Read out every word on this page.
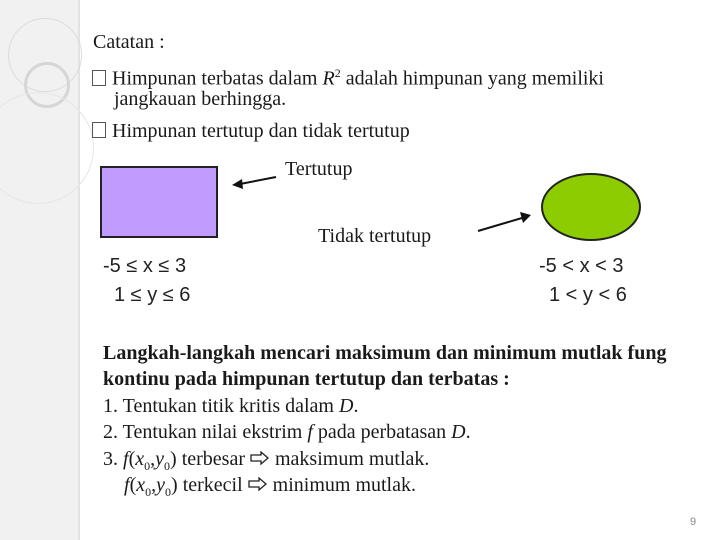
Catatan :
Himpunan terbatas dalam $R^2$ adalah himpunan yang memiliki
jangkauan berhingga.
Himpunan tertutup dan tidak tertutup
Tertutup
Tidak tertutup
-5 ≤ x ≤ 3
1 ≤ y ≤ 6
-5 < x < 3
1 < y < 6
Langkah-langkah mencari maksimum dan minimum mutlak fung
kontinu pada himpunan tertutup dan terbatas :
1. Tentukan titik kritis dalam D.
2. Tentukan nilai ekstrim f pada perbatasan D.
3. $f(x_0,y_0)$ terbesar maksimum mutlak.
$f(x_0,y_0)$ terkecil minimum mutlak.
9
